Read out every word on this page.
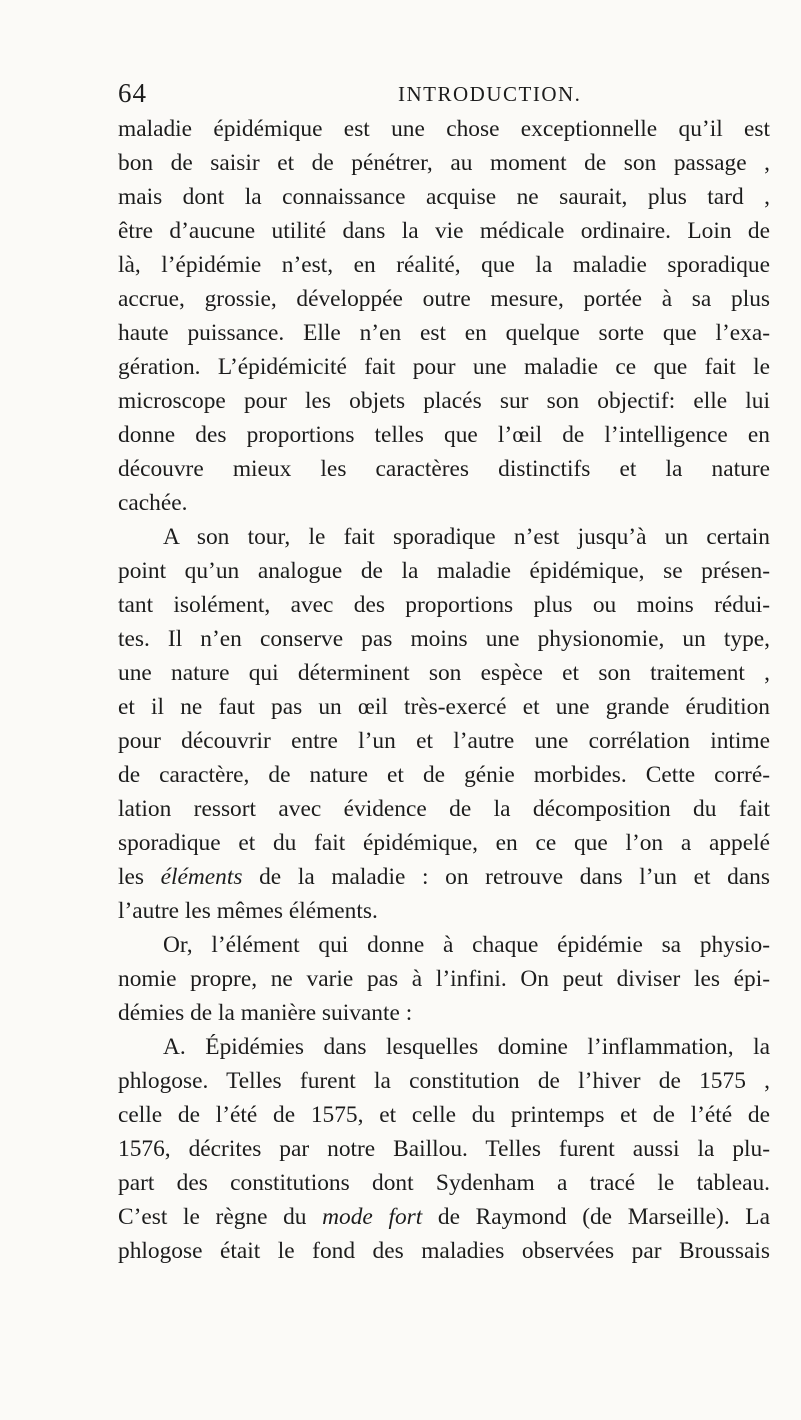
64	INTRODUCTION.
maladie épidémique est une chose exceptionnelle qu’il est
bon de saisir et de pénétrer, au moment de son passage ,
mais dont la connaissance acquise ne saurait, plus tard ,
être d’aucune utilité dans la vie médicale ordinaire. Loin de
là, l’épidémie n’est, en réalité, que la maladie sporadique
accrue, grossie, développée outre mesure, portée à sa plus
haute puissance. Elle n’en est en quelque sorte que l’exa-
gération. L’épidémicité fait pour une maladie ce que fait le
microscope pour les objets placés sur son objectif: elle lui
donne des proportions telles que l’œil de l’intelligence en
découvre mieux les caractères distinctifs et la nature
cachée.
A son tour, le fait sporadique n’est jusqu’à un certain
point qu’un analogue de la maladie épidémique, se présen-
tant isolément, avec des proportions plus ou moins rédui-
tes. Il n’en conserve pas moins une physionomie, un type,
une nature qui déterminent son espèce et son traitement ,
et il ne faut pas un œil très-exercé et une grande érudition
pour découvrir entre l’un et l’autre une corrélation intime
de caractère, de nature et de génie morbides. Cette corré-
lation ressort avec évidence de la décomposition du fait
sporadique et du fait épidémique, en ce que l’on a appelé
les éléments de la maladie : on retrouve dans l’un et dans
l’autre les mêmes éléments.
Or, l’élément qui donne à chaque épidémie sa physio-
nomie propre, ne varie pas à l’infini. On peut diviser les épi-
démies de la manière suivante :
A. Épidémies dans lesquelles domine l’inflammation, la
phlogose. Telles furent la constitution de l’hiver de 1575 ,
celle de l’été de 1575, et celle du printemps et de l’été de
1576, décrites par notre Baillou. Telles furent aussi la plu-
part des constitutions dont Sydenham a tracé le tableau.
C’est le règne du mode fort de Raymond (de Marseille). La
phlogose était le fond des maladies observées par Broussais
